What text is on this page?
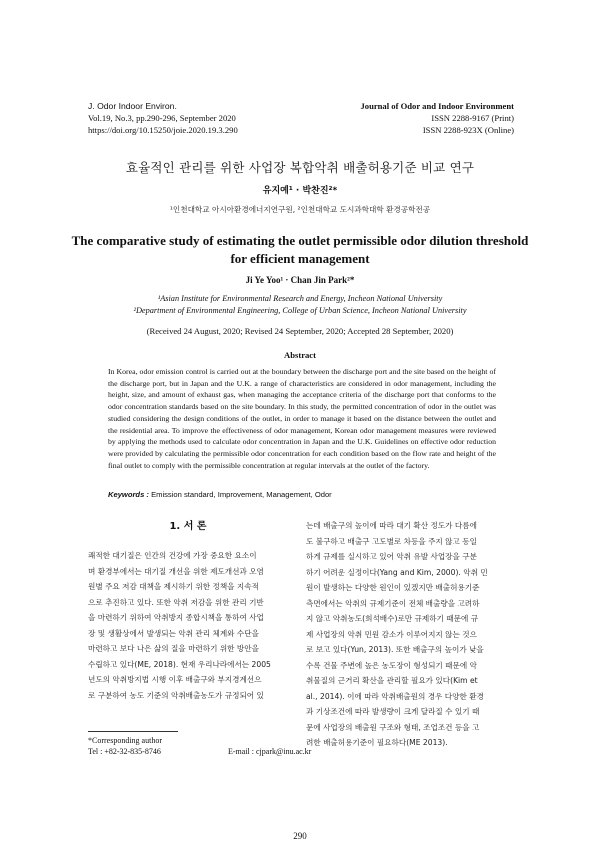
J. Odor Indoor Environ.
Vol.19, No.3, pp.290-296, September 2020
https://doi.org/10.15250/joie.2020.19.3.290
Journal of Odor and Indoor Environment
ISSN 2288-9167 (Print)
ISSN 2288-923X (Online)
효율적인 관리를 위한 사업장 복합악취 배출허용기준 비교 연구
유지예¹ · 박찬진²*
¹인천대학교 아시아환경에너지연구원, ²인천대학교 도시과학대학 환경공학전공
The comparative study of estimating the outlet permissible odor dilution threshold for efficient management
Ji Ye Yoo¹ · Chan Jin Park²*
¹Asian Institute for Environmental Research and Energy, Incheon National University
²Department of Environmental Engineering, College of Urban Science, Incheon National University
(Received 24 August, 2020; Revised 24 September, 2020; Accepted 28 September, 2020)
Abstract
In Korea, odor emission control is carried out at the boundary between the discharge port and the site based on the height of the discharge port, but in Japan and the U.K. a range of characteristics are considered in odor management, including the height, size, and amount of exhaust gas, when managing the acceptance criteria of the discharge port that conforms to the odor concentration standards based on the site boundary. In this study, the permitted concentration of odor in the outlet was studied considering the design conditions of the outlet, in order to manage it based on the distance between the outlet and the residential area. To improve the effectiveness of odor management, Korean odor management measures were reviewed by applying the methods used to calculate odor concentration in Japan and the U.K. Guidelines on effective odor reduction were provided by calculating the permissible odor concentration for each condition based on the flow rate and height of the final outlet to comply with the permissible concentration at regular intervals at the outlet of the factory.
Keywords : Emission standard, Improvement, Management, Odor
1. 서 론
쾌적한 대기질은 인간의 건강에 가장 중요한 요소이
며 환경부에서는 대기질 개선을 위한 제도개선과 오염
원별 주요 저감 대책을 제시하기 위한 정책을 지속적
으로 추진하고 있다. 또한 악취 저감을 위한 관리 기반
을 마련하기 위하여 악취방지 종합시책을 통하여 사업
장 및 생활상에서 발생되는 악취 관리 체계와 수단을
마련하고 보다 나은 삶의 질을 마련하기 위한 방안을
수립하고 있다(ME, 2018). 현재 우리나라에서는 2005
년도의 악취방지법 시행 이후 배출구와 부지경계선으
로 구분하여 농도 기준의 악취배출농도가 규정되어 있
는데 배출구의 높이에 따라 대기 확산 정도가 다름에
도 불구하고 배출구 고도별로 차등을 주지 않고 동일
하게 규제를 실시하고 있어 악취 유발 사업장을 구분
하기 어려운 실정이다(Yang and Kim, 2000). 악취 민
원이 발생하는 다양한 원인이 있겠지만 배출허용기준
측면에서는 악취의 규제기준이 전체 배출량을 고려하
지 않고 악취농도(희석배수)로만 규제하기 때문에 규
제 사업장의 악취 민원 감소가 이루어지지 않는 것으
로 보고 있다(Yun, 2013). 또한 배출구의 높이가 낮을
수록 건물 주변에 높은 농도장이 형성되기 때문에 악
취물질의 근거리 확산을 관리할 필요가 있다(Kim et
al., 2014). 이에 따라 악취배출원의 경우 다양한 환경
과 기상조건에 따라 발생량이 크게 달라질 수 있기 때
문에 사업장의 배출원 구조와 형태, 조업조건 등을 고
려한 배출허용기준이 필요하다(ME 2013).
*Corresponding author
Tel : +82-32-835-8746	E-mail : cjpark@inu.ac.kr
290
